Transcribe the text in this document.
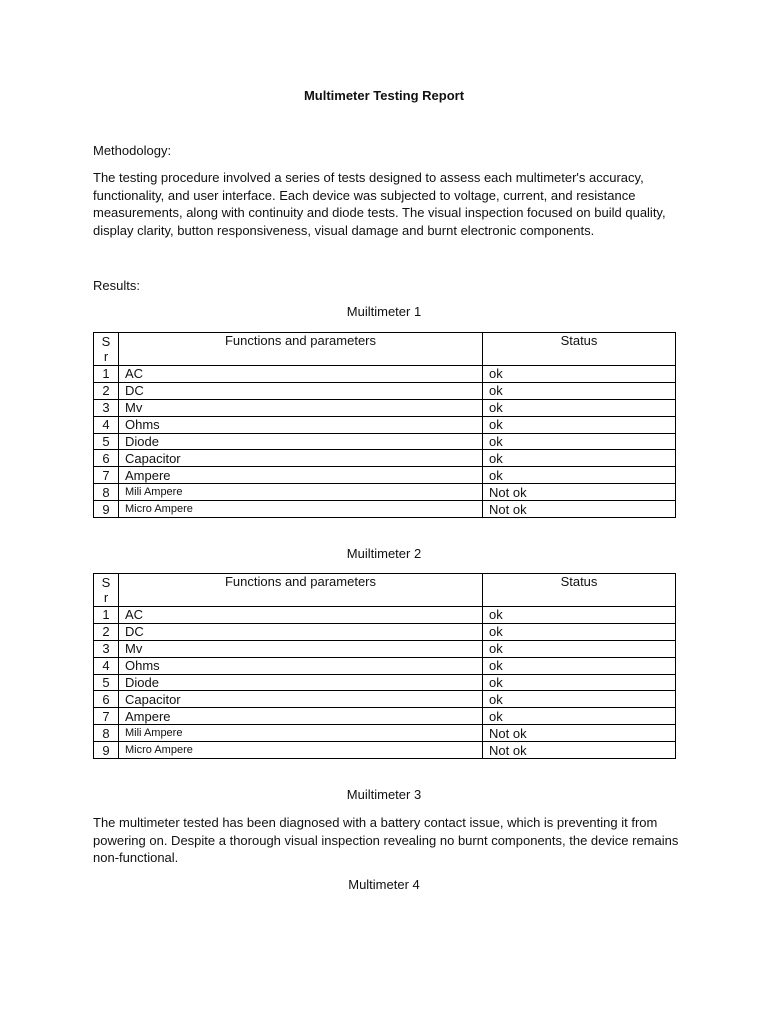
Multimeter Testing Report
Methodology:
The testing procedure involved a series of tests designed to assess each multimeter's accuracy, functionality, and user interface. Each device was subjected to voltage, current, and resistance measurements, along with continuity and diode tests. The visual inspection focused on build quality, display clarity, button responsiveness, visual damage and burnt electronic components.
Results:
Muiltimeter 1
S
r	Functions and parameters	Status
1	AC	ok
2	DC	ok
3	Mv	ok
4	Ohms	ok
5	Diode	ok
6	Capacitor	ok
7	Ampere	ok
8	Mili Ampere	Not ok
9	Micro Ampere	Not ok
Muiltimeter 2
S
r	Functions and parameters	Status
1	AC	ok
2	DC	ok
3	Mv	ok
4	Ohms	ok
5	Diode	ok
6	Capacitor	ok
7	Ampere	ok
8	Mili Ampere	Not ok
9	Micro Ampere	Not ok
Muiltimeter 3
The multimeter tested has been diagnosed with a battery contact issue, which is preventing it from powering on. Despite a thorough visual inspection revealing no burnt components, the device remains non-functional.
Multimeter 4
